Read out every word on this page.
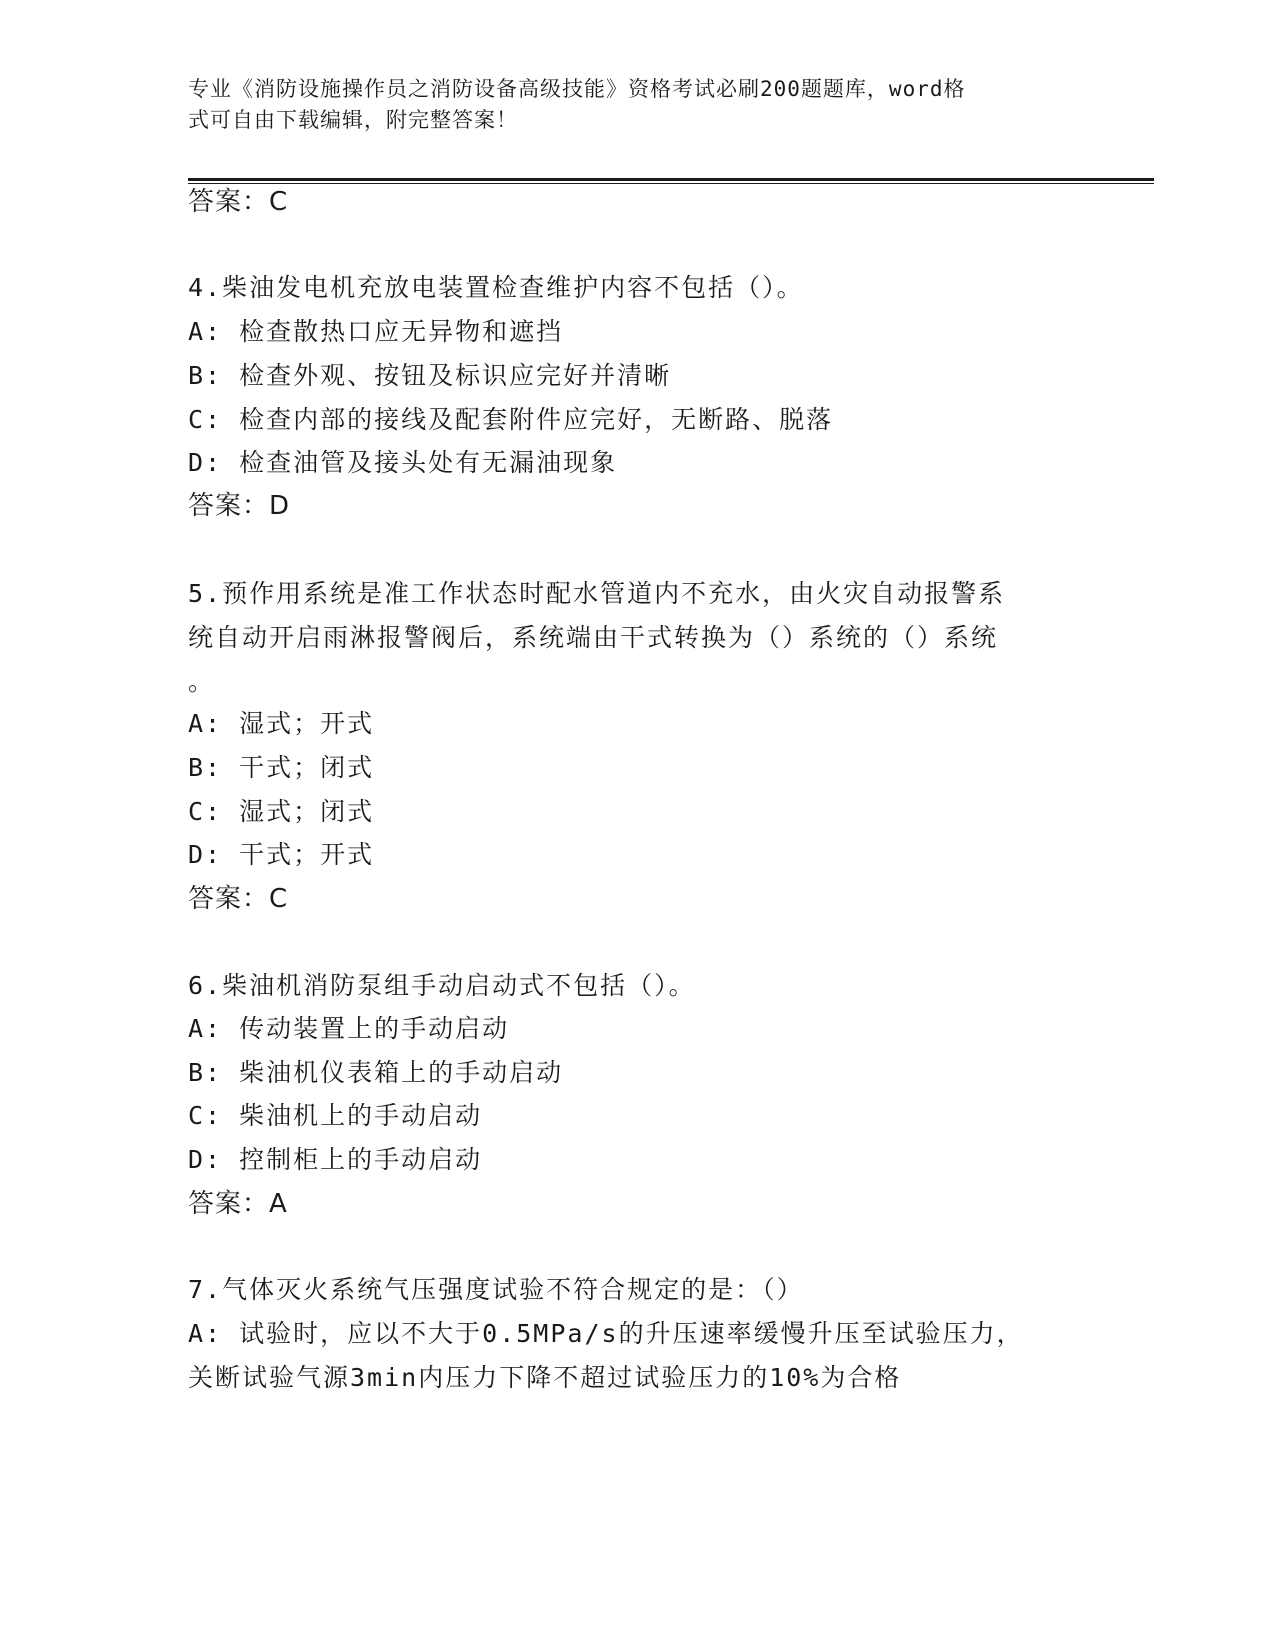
专业《消防设施操作员之消防设备高级技能》资格考试必刷200题题库，word格
式可自由下载编辑，附完整答案！
答案：C
4.柴油发电机充放电装置检查维护内容不包括（）。
A: 检查散热口应无异物和遮挡
B: 检查外观、按钮及标识应完好并清晰
C: 检查内部的接线及配套附件应完好，无断路、脱落
D: 检查油管及接头处有无漏油现象
答案：D
5.预作用系统是准工作状态时配水管道内不充水，由火灾自动报警系
统自动开启雨淋报警阀后，系统端由干式转换为（）系统的（）系统
。
A: 湿式；开式
B: 干式；闭式
C: 湿式；闭式
D: 干式；开式
答案：C
6.柴油机消防泵组手动启动式不包括（）。
A: 传动装置上的手动启动
B: 柴油机仪表箱上的手动启动
C: 柴油机上的手动启动
D: 控制柜上的手动启动
答案：A
7.气体灭火系统气压强度试验不符合规定的是：（）
A: 试验时，应以不大于0.5MPa/s的升压速率缓慢升压至试验压力，
关断试验气源3min内压力下降不超过试验压力的10%为合格
